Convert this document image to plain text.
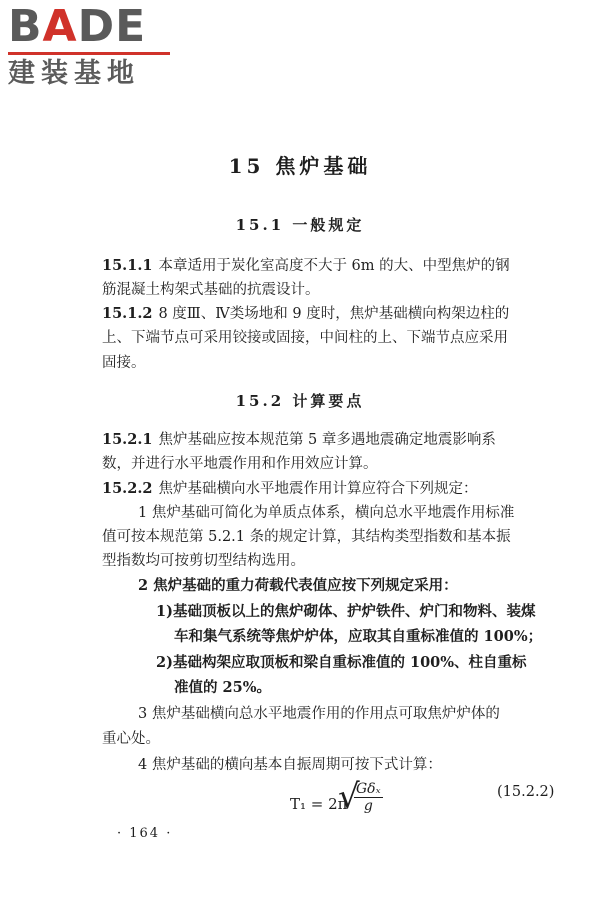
BADE
建装基地
15 焦炉基础
15.1 一般规定
15.1.1 本章适用于炭化室高度不大于 6m 的大、中型焦炉的钢
筋混凝土构架式基础的抗震设计。
15.1.2 8 度Ⅲ、Ⅳ类场地和 9 度时，焦炉基础横向构架边柱的
上、下端节点可采用铰接或固接，中间柱的上、下端节点应采用
固接。
15.2 计算要点
15.2.1 焦炉基础应按本规范第 5 章多遇地震确定地震影响系
数，并进行水平地震作用和作用效应计算。
15.2.2 焦炉基础横向水平地震作用计算应符合下列规定：
1 焦炉基础可简化为单质点体系，横向总水平地震作用标准
值可按本规范第 5.2.1 条的规定计算，其结构类型指数和基本振
型指数均可按剪切型结构选用。
2 焦炉基础的重力荷载代表值应按下列规定采用：
1)基础顶板以上的焦炉砌体、护炉铁件、炉门和物料、装煤
车和集气系统等焦炉炉体，应取其自重标准值的 100%；
2)基础构架应取顶板和梁自重标准值的 100%、柱自重标
准值的 25%。
3 焦炉基础横向总水平地震作用的作用点可取焦炉炉体的
重心处。
4 焦炉基础的横向基本自振周期可按下式计算：
T₁ = 2π
√
Gδₓ
g
(15.2.2)
· 164 ·
